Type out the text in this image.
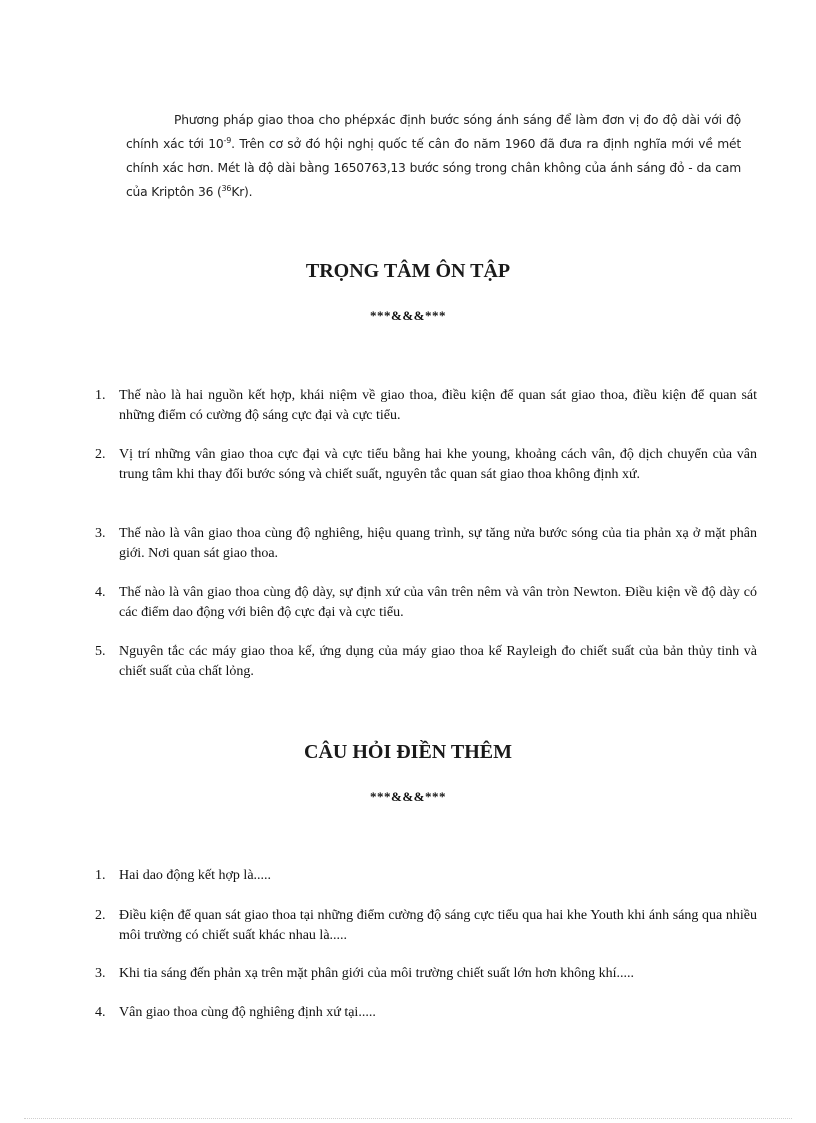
Phương pháp giao thoa cho phépxác định bước sóng ánh sáng để làm đơn vị đo độ dài với độ chính xác tới $10^{-9}$. Trên cơ sở đó hội nghị quốc tế cân đo năm 1960 đã đưa ra định nghĩa mới về mét chính xác hơn. Mét là độ dài bằng 1650763,13 bước sóng trong chân không của ánh sáng đỏ - da cam của Kriptôn 36 ($^{36}$Kr).
TRỌNG TÂM ÔN TẬP
***&&&***
1. Thế nào là hai nguồn kết hợp, khái niệm về giao thoa, điều kiện để quan sát giao thoa, điều kiện để quan sát những điểm có cường độ sáng cực đại và cực tiểu.
2. Vị trí những vân giao thoa cực đại và cực tiểu bằng hai khe young, khoảng cách vân, độ dịch chuyển của vân trung tâm khi thay đổi bước sóng và chiết suất, nguyên tắc quan sát giao thoa không định xứ.
3. Thế nào là vân giao thoa cùng độ nghiêng, hiệu quang trình, sự tăng nửa bước sóng của tia phản xạ ở mặt phân giới. Nơi quan sát giao thoa.
4. Thế nào là vân giao thoa cùng độ dày, sự định xứ của vân trên nêm và vân tròn Newton. Điều kiện về độ dày có các điểm dao động với biên độ cực đại và cực tiểu.
5. Nguyên tắc các máy giao thoa kế, ứng dụng của máy giao thoa kế Rayleigh đo chiết suất của bản thủy tinh và chiết suất của chất lỏng.
CÂU HỎI ĐIỀN THÊM
***&&&***
1. Hai dao động kết hợp là.....
2. Điều kiện để quan sát giao thoa tại những điểm cường độ sáng cực tiểu qua hai khe Youth khi ánh sáng qua nhiều môi trường có chiết suất khác nhau là.....
3. Khi tia sáng đến phản xạ trên mặt phân giới của môi trường chiết suất lớn hơn không khí.....
4. Vân giao thoa cùng độ nghiêng định xứ tại.....
